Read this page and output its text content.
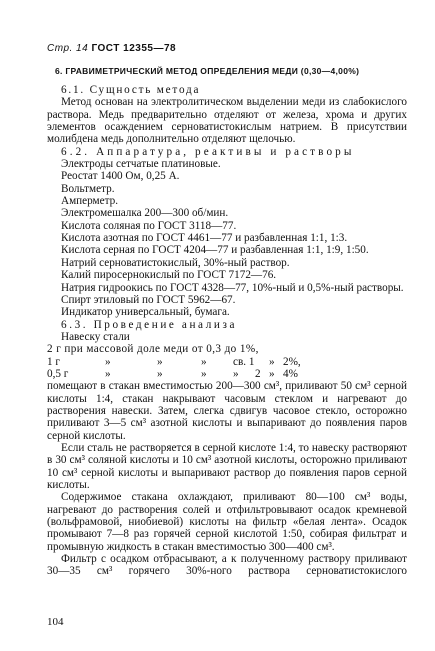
Стр. 14 ГОСТ 12355—78
6. ГРАВИМЕТРИЧЕСКИЙ МЕТОД ОПРЕДЕЛЕНИЯ МЕДИ (0,30—4,00%)

6.1. Сущность метода

Метод основан на электролитическом выделении меди из слабокислого раствора. Медь предварительно отделяют от железа, хрома и других элементов осаждением серноватистокислым натрием. В присутствии молибдена медь дополнительно отделяют щелочью.

6.2. Аппаратура, реактивы и растворы

Электроды сетчатые платиновые.

Реостат 1400 Ом, 0,25 А.

Вольтметр.

Амперметр.

Электромешалка 200—300 об/мин.

Кислота соляная по ГОСТ 3118—77.

Кислота азотная по ГОСТ 4461—77 и разбавленная 1:1, 1:3.

Кислота серная по ГОСТ 4204—77 и разбавленная 1:1, 1:9, 1:50.

Натрий серноватистокислый, 30%-ный раствор.

Калий пиросернокислый по ГОСТ 7172—76.

Натрия гидроокись по ГОСТ 4328—77, 10%-ный и 0,5%-ный растворы.

Спирт этиловый по ГОСТ 5962—67.

Индикатор универсальный, бумага.

6.3. Проведение анализа

Навеску стали

2 г при массовой доле меди от 0,3 до 1%,
1 г	»	»	»	св. 1	» 2%,
0,5 г	»	»	»	»	2 » 4%

помещают в стакан вместимостью 200—300 см³, приливают 50 см³ серной кислоты 1:4, стакан накрывают часовым стеклом и нагревают до растворения навески. Затем, слегка сдвигув часовое стекло, осторожно приливают 3—5 см³ азотной кислоты и выпаривают до появления паров серной кислоты.

Если сталь не растворяется в серной кислоте 1:4, то навеску растворяют в 30 см³ соляной кислоты и 10 см³ азотной кислоты, осторожно приливают 10 см³ серной кислоты и выпаривают раствор до появления паров серной кислоты.

Содержимое стакана охлаждают, приливают 80—100 см³ воды, нагревают до растворения солей и отфильтровывают осадок кремневой (вольфрамовой, ниобиевой) кислоты на фильтр «белая лента». Осадок промывают 7—8 раз горячей серной кислотой 1:50, собирая фильтрат и промывную жидкость в стакан вместимостью 300—400 см³.

Фильтр с осадком отбрасывают, а к полученному раствору приливают 30—35 см³ горячего 30%-ного раствора серноватистокислого

104
